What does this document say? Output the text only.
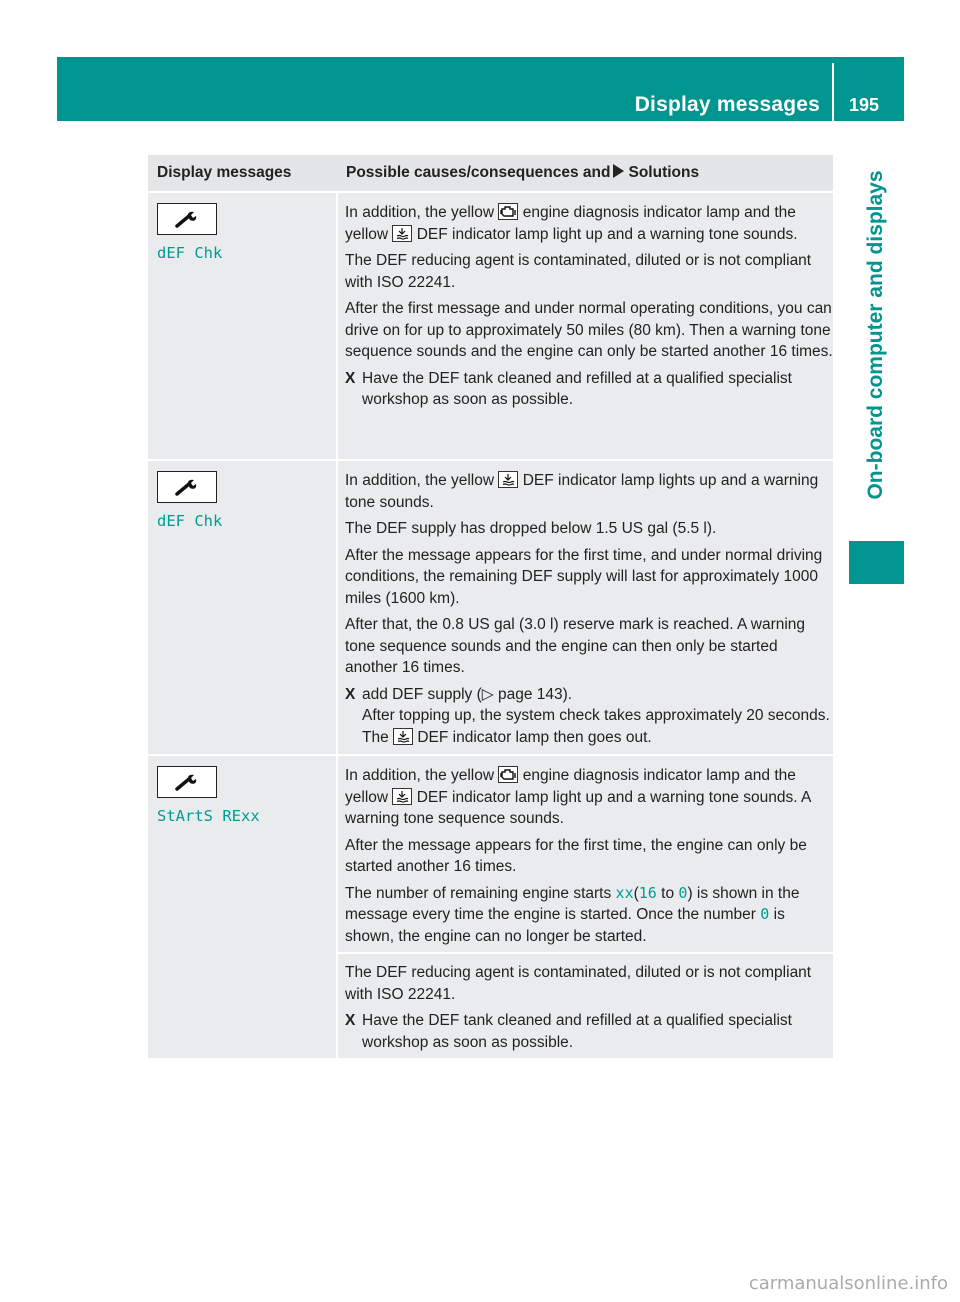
Display messages 195
On-board computer and displays
Display messages	Possible causes/consequences and Solutions
dEF Chk

In addition, the yellow engine diagnosis indicator lamp and the yellow DEF indicator lamp light up and a warning tone sounds.

The DEF reducing agent is contaminated, diluted or is not compliant with ISO 22241.

After the first message and under normal operating conditions, you can drive on for up to approximately 50 miles (80 km). Then a warning tone sequence sounds and the engine can only be started another 16 times.

X Have the DEF tank cleaned and refilled at a qualified specialist workshop as soon as possible.
dEF Chk

In addition, the yellow DEF indicator lamp lights up and a warning tone sounds.

The DEF supply has dropped below 1.5 US gal (5.5 l).

After the message appears for the first time, and under normal driving conditions, the remaining DEF supply will last for approximately 1000 miles (1600 km).

After that, the 0.8 US gal (3.0 l) reserve mark is reached. A warning tone sequence sounds and the engine can then only be started another 16 times.

X add DEF supply (▷ page 143).
After topping up, the system check takes approximately 20 seconds. The DEF indicator lamp then goes out.
StArtS RExx

In addition, the yellow engine diagnosis indicator lamp and the yellow DEF indicator lamp light up and a warning tone sounds. A warning tone sequence sounds.

After the message appears for the first time, the engine can only be started another 16 times.

The number of remaining engine starts xx(16 to 0) is shown in the message every time the engine is started. Once the number 0 is shown, the engine can no longer be started.

The DEF reducing agent is contaminated, diluted or is not compliant with ISO 22241.

X Have the DEF tank cleaned and refilled at a qualified specialist workshop as soon as possible.
carmanualsonline.info
